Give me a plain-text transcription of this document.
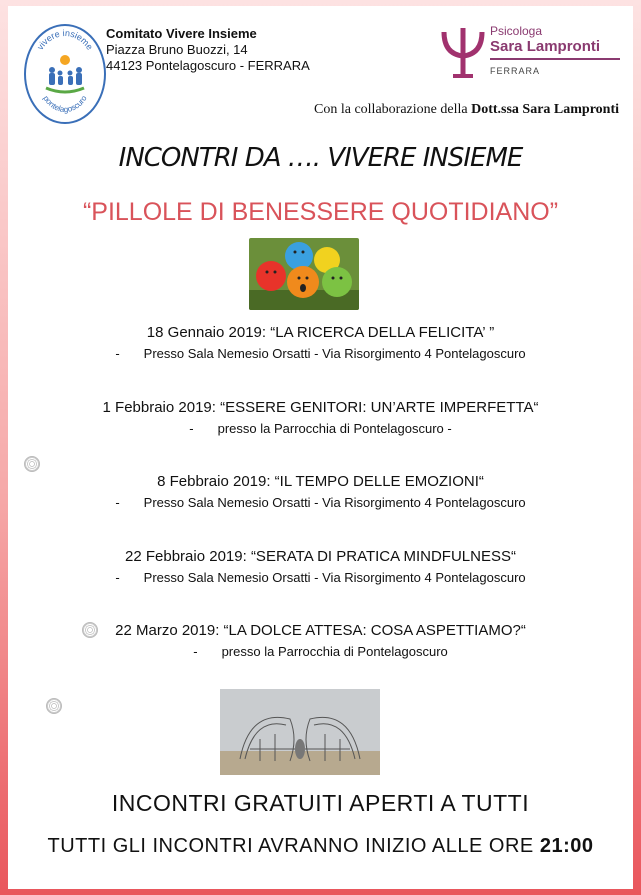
vivere insieme
pontelagoscuro
Comitato Vivere Insieme
Piazza Bruno Buozzi, 14
44123 Pontelagoscuro - FERRARA
Psicologa
Sara Lampronti
FERRARA
Con la collaborazione della Dott.ssa Sara Lampronti
INCONTRI DA …. VIVERE INSIEME
“PILLOLE DI BENESSERE QUOTIDIANO”
18 Gennaio 2019: “LA RICERCA DELLA FELICITA’ ”
- Presso Sala Nemesio Orsatti - Via Risorgimento 4 Pontelagoscuro
1 Febbraio 2019: “ESSERE GENITORI: UN’ARTE IMPERFETTA“
- presso la Parrocchia di Pontelagoscuro -
8 Febbraio 2019: “IL TEMPO DELLE EMOZIONI“
- Presso Sala Nemesio Orsatti - Via Risorgimento 4 Pontelagoscuro
22 Febbraio 2019: “SERATA DI PRATICA MINDFULNESS“
- Presso Sala Nemesio Orsatti - Via Risorgimento 4 Pontelagoscuro
22 Marzo 2019: “LA DOLCE ATTESA: COSA ASPETTIAMO?“
- presso la Parrocchia di Pontelagoscuro
INCONTRI GRATUITI APERTI A TUTTI
TUTTI GLI INCONTRI AVRANNO INIZIO ALLE ORE 21:00
